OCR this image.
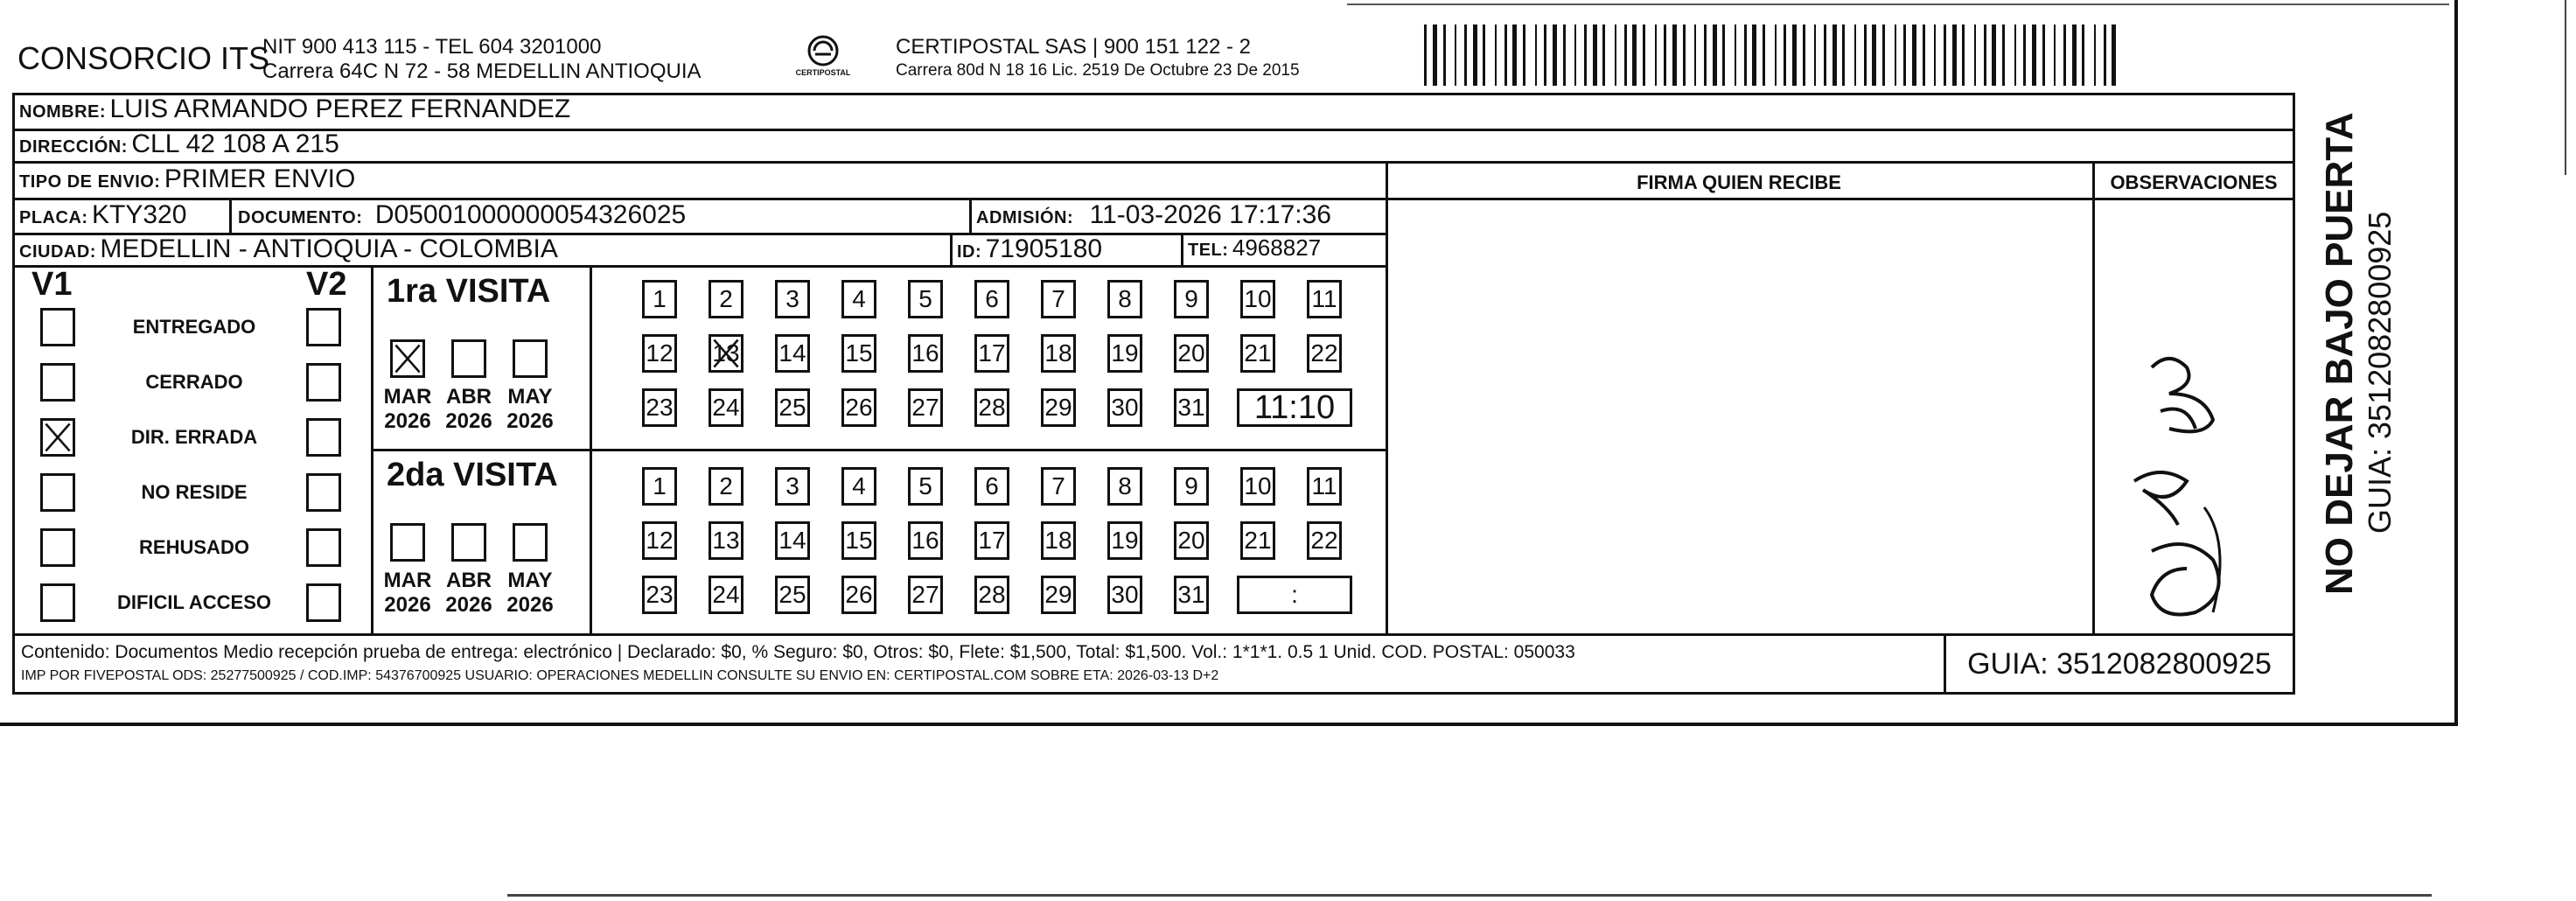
CONSORCIO ITS
NIT 900 413 115 - TEL 604 3201000
Carrera 64C N 72 - 58 MEDELLIN ANTIOQUIA	CERTIPOSTAL
CERTIPOSTAL SAS | 900 151 122 - 2
Carrera 80d N 18 16 Lic. 2519 De Octubre 23 De 2015
NOMBRE: LUIS ARMANDO PEREZ FERNANDEZ
DIRECCIÓN: CLL 42 108 A 215
TIPO DE ENVIO: PRIMER ENVIO	FIRMA QUIEN RECIBE	OBSERVACIONES
PLACA: KTY320	DOCUMENTO: D05001000000054326025	ADMISIÓN: 11-03-2026 17:17:36
CIUDAD: MEDELLIN - ANTIOQUIA - COLOMBIA	ID: 71905180	TEL: 4968827
V1	V2
ENTREGADO
CERRADO
DIR. ERRADA
NO RESIDE
REHUSADO
DIFICIL ACCESO
1ra VISITA
2da VISITA
MAR
2026
ABR
2026
MAY
2026
MAR
2026
ABR
2026
MAY
2026
1 2 3 4 5 6 7 8 9 10 11
12 13 14 15 16 17 18 19 20 21 22
23 24 25 26 27 28 29 30 31 11:10
1 2 3 4 5 6 7 8 9 10 11
12 13 14 15 16 17 18 19 20 21 22
23 24 25 26 27 28 29 30 31	:
Contenido: Documentos Medio recepción prueba de entrega: electrónico | Declarado: $0, % Seguro: $0, Otros: $0, Flete: $1,500, Total: $1,500. Vol.: 1*1*1. 0.5 1 Unid. COD. POSTAL: 050033
IMP POR FIVEPOSTAL ODS: 25277500925 / COD.IMP: 54376700925 USUARIO: OPERACIONES MEDELLIN CONSULTE SU ENVIO EN: CERTIPOSTAL.COM SOBRE ETA: 2026-03-13 D+2	GUIA: 3512082800925
NO DEJAR BAJO PUERTA GUIA: 3512082800925
